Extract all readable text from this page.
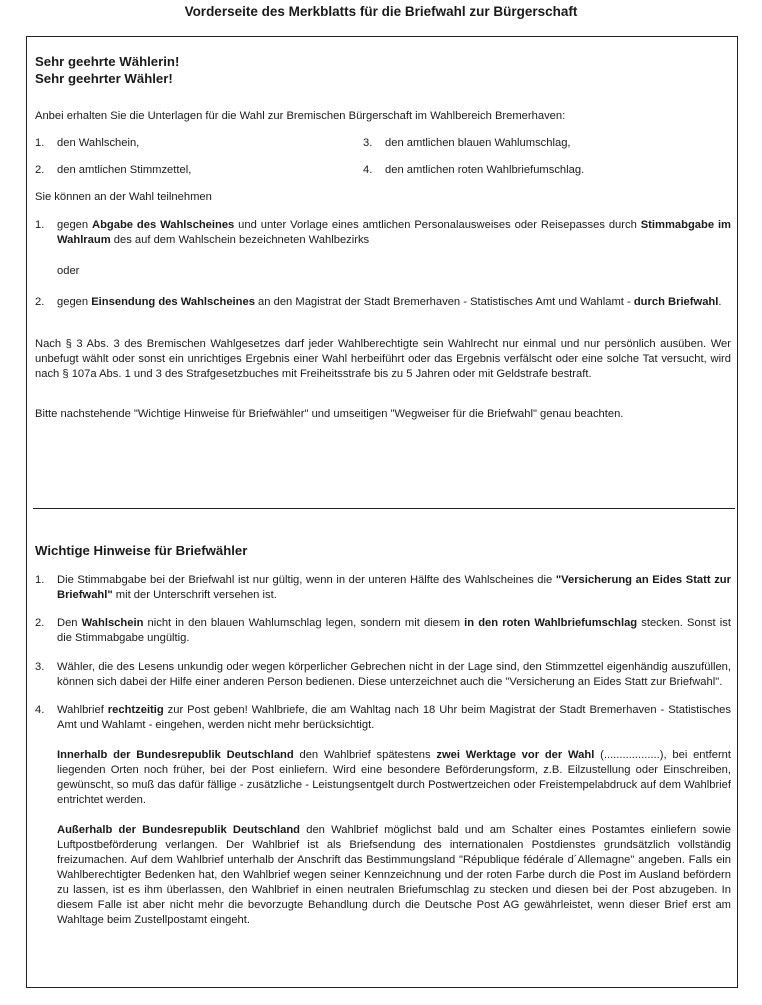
Vorderseite des Merkblatts für die Briefwahl zur Bürgerschaft
Sehr geehrte Wählerin!
Sehr geehrter Wähler!

Anbei erhalten Sie die Unterlagen für die Wahl zur Bremischen Bürgerschaft im Wahlbereich Bremerhaven:

1.	den Wahlschein,	3.	den amtlichen blauen Wahlumschlag,
2.	den amtlichen Stimmzettel,	4.	den amtlichen roten Wahlbriefumschlag.

Sie können an der Wahl teilnehmen

1.	gegen Abgabe des Wahlscheines und unter Vorlage eines amtlichen Personalausweises oder Reisepasses durch Stimmabgabe im Wahlraum des auf dem Wahlschein bezeichneten Wahlbezirks

oder

2.	gegen Einsendung des Wahlscheines an den Magistrat der Stadt Bremerhaven - Statistisches Amt und Wahlamt - durch Briefwahl.

Nach § 3 Abs. 3 des Bremischen Wahlgesetzes darf jeder Wahlberechtigte sein Wahlrecht nur einmal und nur persönlich ausüben. Wer unbefugt wählt oder sonst ein unrichtiges Ergebnis einer Wahl herbeiführt oder das Ergebnis verfälscht oder eine solche Tat versucht, wird nach § 107a Abs. 1 und 3 des Strafgesetzbuches mit Freiheitsstrafe bis zu 5 Jahren oder mit Geldstrafe bestraft.

Bitte nachstehende "Wichtige Hinweise für Briefwähler" und umseitigen "Wegweiser für die Briefwahl" genau beachten.

Wichtige Hinweise für Briefwähler
1.	Die Stimmabgabe bei der Briefwahl ist nur gültig, wenn in der unteren Hälfte des Wahlscheines die "Versicherung an Eides Statt zur Briefwahl" mit der Unterschrift versehen ist.
2.	Den Wahlschein nicht in den blauen Wahlumschlag legen, sondern mit diesem in den roten Wahlbriefumschlag stecken. Sonst ist die Stimmabgabe ungültig.
3.	Wähler, die des Lesens unkundig oder wegen körperlicher Gebrechen nicht in der Lage sind, den Stimmzettel eigenhändig auszufüllen, können sich dabei der Hilfe einer anderen Person bedienen. Diese unterzeichnet auch die "Versicherung an Eides Statt zur Briefwahl".
4.	Wahlbrief rechtzeitig zur Post geben! Wahlbriefe, die am Wahltag nach 18 Uhr beim Magistrat der Stadt Bremerhaven - Statistisches Amt und Wahlamt - eingehen, werden nicht mehr berücksichtigt.
Innerhalb der Bundesrepublik Deutschland den Wahlbrief spätestens zwei Werktage vor der Wahl (..................), bei entfernt liegenden Orten noch früher, bei der Post einliefern. Wird eine besondere Beförderungsform, z.B. Eilzustellung oder Einschreiben, gewünscht, so muß das dafür fällige - zusätzliche - Leistungsentgelt durch Postwertzeichen oder Freistempelabdruck auf dem Wahlbrief entrichtet werden.
Außerhalb der Bundesrepublik Deutschland den Wahlbrief möglichst bald und am Schalter eines Postamtes einliefern sowie Luftpostbeförderung verlangen. Der Wahlbrief ist als Briefsendung des internationalen Postdienstes grundsätzlich vollständig freizumachen. Auf dem Wahlbrief unterhalb der Anschrift das Bestimmungsland "République fédérale d´Allemagne" angeben. Falls ein Wahlberechtigter Bedenken hat, den Wahlbrief wegen seiner Kennzeichnung und der roten Farbe durch die Post im Ausland befördern zu lassen, ist es ihm überlassen, den Wahlbrief in einen neutralen Briefumschlag zu stecken und diesen bei der Post abzugeben. In diesem Falle ist aber nicht mehr die bevorzugte Behandlung durch die Deutsche Post AG gewährleistet, wenn dieser Brief erst am Wahltage beim Zustellpostamt eingeht.
